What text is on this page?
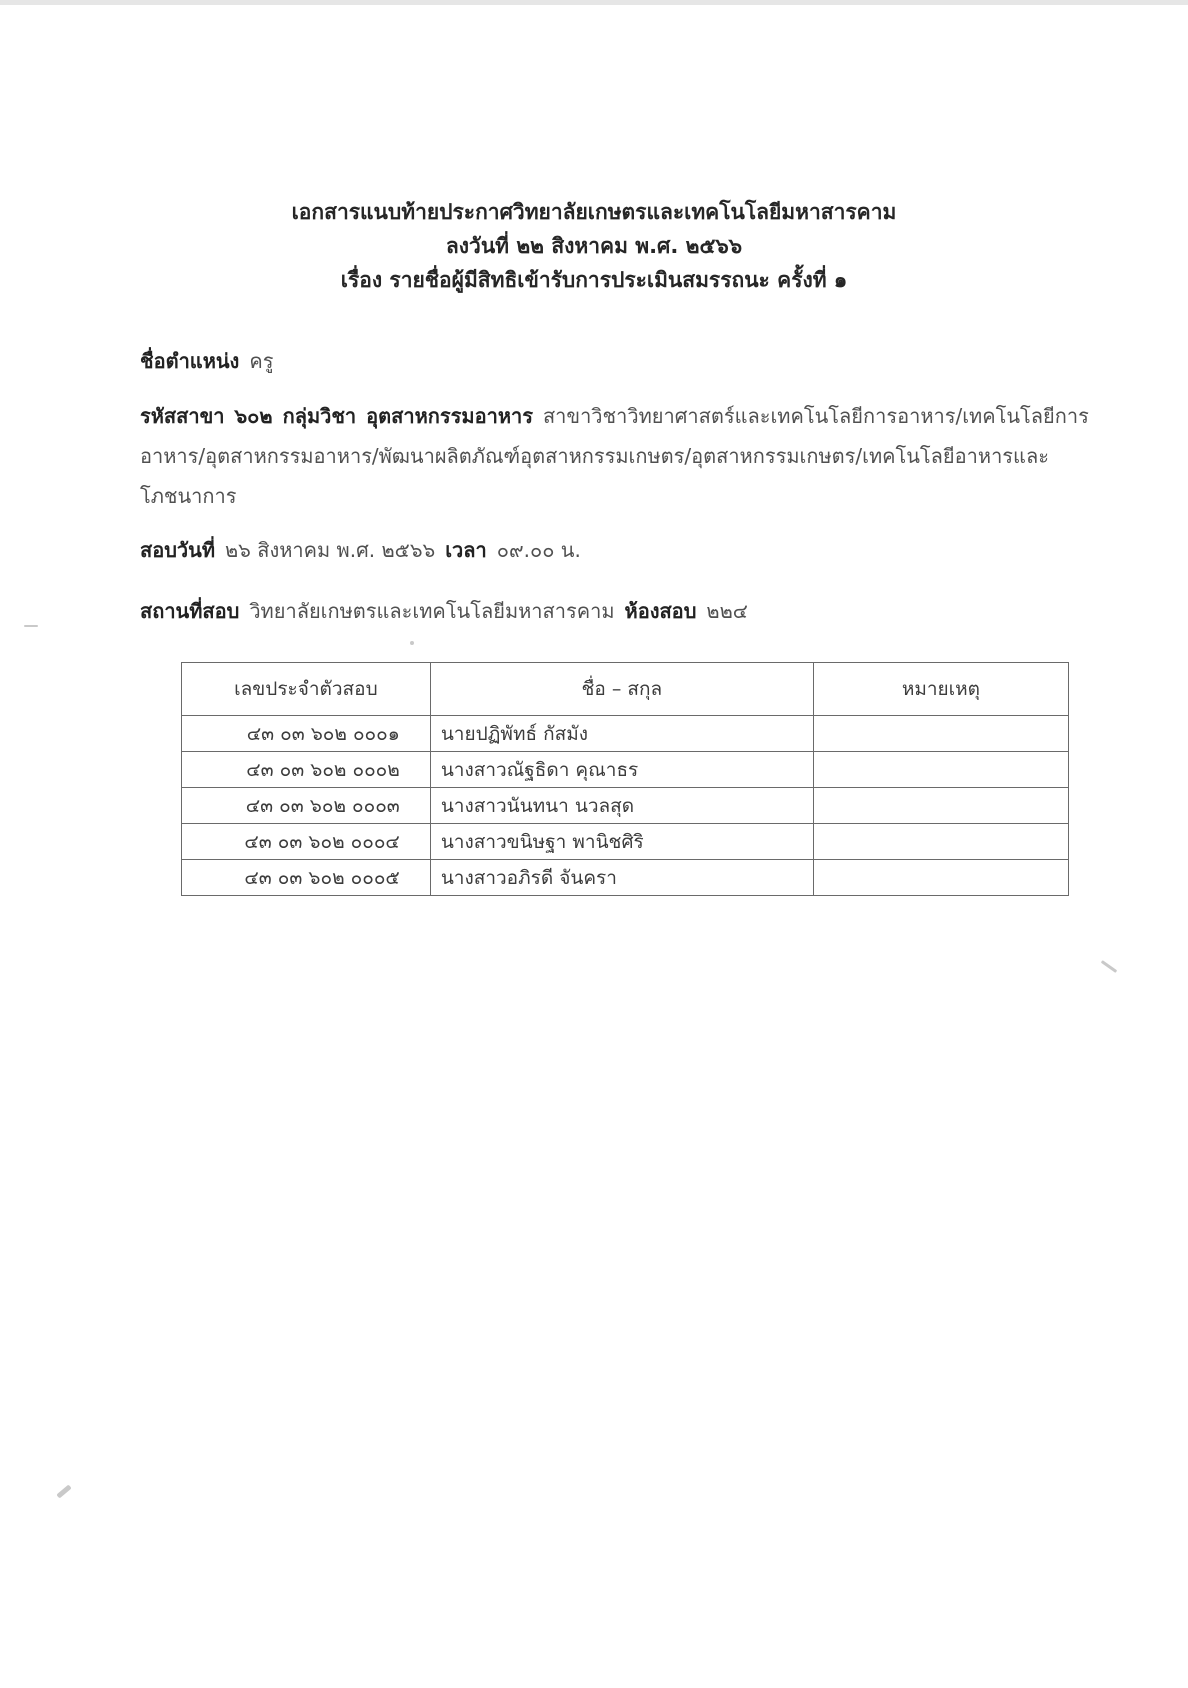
เอกสารแนบท้ายประกาศวิทยาลัยเกษตรและเทคโนโลยีมหาสารคาม
ลงวันที่ ๒๒ สิงหาคม พ.ศ. ๒๕๖๖
เรื่อง รายชื่อผู้มีสิทธิเข้ารับการประเมินสมรรถนะ ครั้งที่ ๑
ชื่อตำแหน่ง ครู
รหัสสาขา ๖๐๒ กลุ่มวิชา อุตสาหกรรมอาหาร สาขาวิชาวิทยาศาสตร์และเทคโนโลยีการอาหาร/เทคโนโลยีการอาหาร/อุตสาหกรรมอาหาร/พัฒนาผลิตภัณฑ์อุตสาหกรรมเกษตร/อุตสาหกรรมเกษตร/เทคโนโลยีอาหารและโภชนาการ
สอบวันที่ ๒๖ สิงหาคม พ.ศ. ๒๕๖๖ เวลา ๐๙.๐๐ น.
สถานที่สอบ วิทยาลัยเกษตรและเทคโนโลยีมหาสารคาม ห้องสอบ ๒๒๔
เลขประจำตัวสอบ	ชื่อ – สกุล	หมายเหตุ
๔๓ ๐๓ ๖๐๒ ๐๐๐๑	นายปฏิพัทธ์ กัสมัง	
๔๓ ๐๓ ๖๐๒ ๐๐๐๒	นางสาวณัฐธิดา คุณาธร	
๔๓ ๐๓ ๖๐๒ ๐๐๐๓	นางสาวนันทนา นวลสุด	
๔๓ ๐๓ ๖๐๒ ๐๐๐๔	นางสาวขนิษฐา พานิชศิริ	
๔๓ ๐๓ ๖๐๒ ๐๐๐๕	นางสาวอภิรดี จันครา	
